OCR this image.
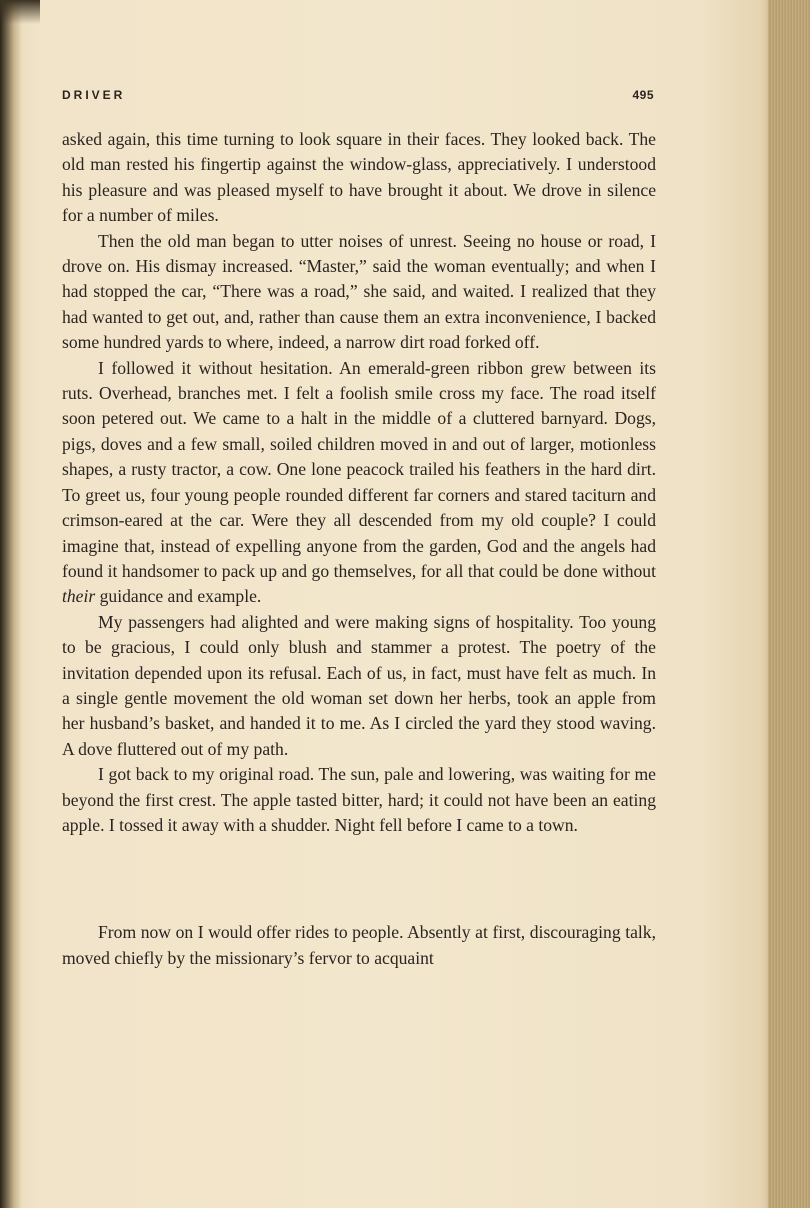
DRIVER	495

asked again, this time turning to look square in their faces. They looked back. The old man rested his fingertip against the window-glass, appreciatively. I understood his pleasure and was pleased myself to have brought it about. We drove in silence for a number of miles.

Then the old man began to utter noises of unrest. Seeing no house or road, I drove on. His dismay increased. “Master,” said the woman eventually; and when I had stopped the car, “There was a road,” she said, and waited. I realized that they had wanted to get out, and, rather than cause them an extra inconvenience, I backed some hundred yards to where, indeed, a narrow dirt road forked off.

I followed it without hesitation. An emerald-green ribbon grew between its ruts. Overhead, branches met. I felt a foolish smile cross my face. The road itself soon petered out. We came to a halt in the middle of a cluttered barnyard. Dogs, pigs, doves and a few small, soiled children moved in and out of larger, motionless shapes, a rusty tractor, a cow. One lone peacock trailed his feathers in the hard dirt. To greet us, four young people rounded different far corners and stared taciturn and crimson-eared at the car. Were they all descended from my old couple? I could imagine that, instead of expelling anyone from the garden, God and the angels had found it handsomer to pack up and go themselves, for all that could be done without their guidance and example.

My passengers had alighted and were making signs of hospitality. Too young to be gracious, I could only blush and stammer a protest. The poetry of the invitation depended upon its refusal. Each of us, in fact, must have felt as much. In a single gentle movement the old woman set down her herbs, took an apple from her husband’s basket, and handed it to me. As I circled the yard they stood waving. A dove fluttered out of my path.

I got back to my original road. The sun, pale and lowering, was waiting for me beyond the first crest. The apple tasted bitter, hard; it could not have been an eating apple. I tossed it away with a shudder. Night fell before I came to a town.

From now on I would offer rides to people. Absently at first, discouraging talk, moved chiefly by the missionary’s fervor to acquaint
